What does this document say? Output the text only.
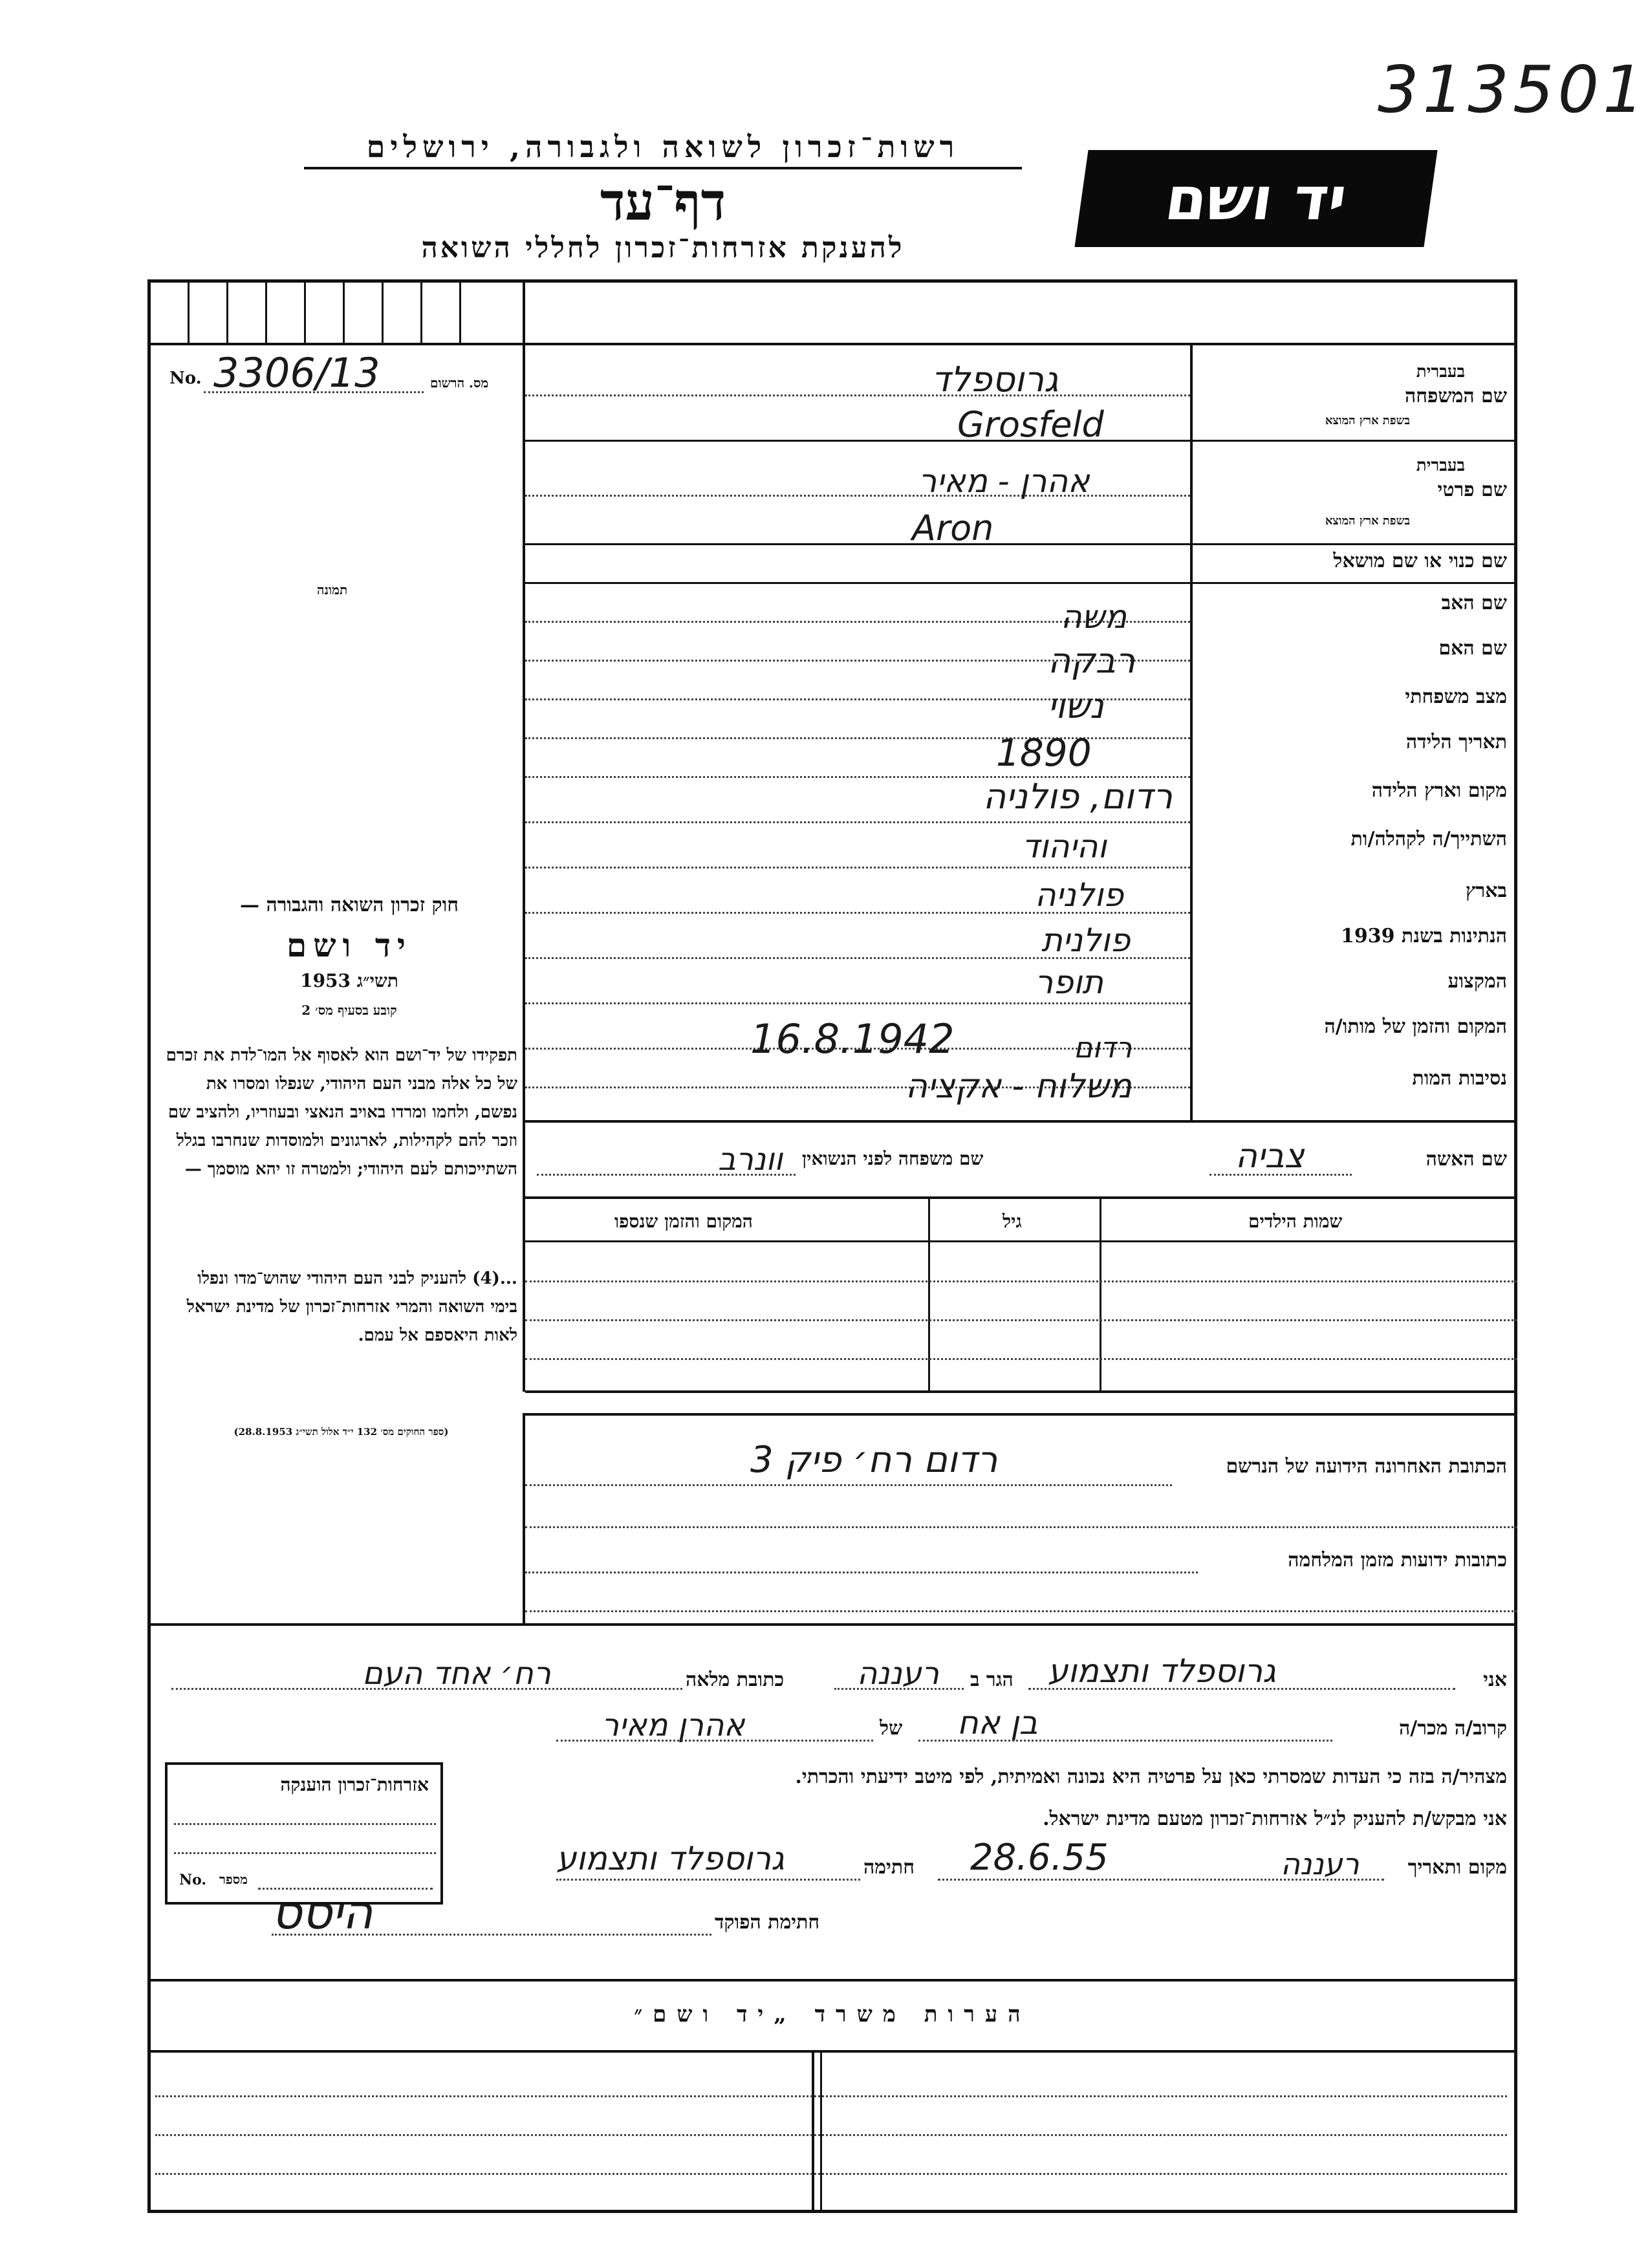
313501
רשות־זכרון לשואה ולגבורה, ירושלים
דף־עד
להענקת אזרחות־זכרון לחללי השואה
יד ושם
No. 3306/13	מס. הרשום
תמונה
שם המשפחה
בעברית
בשפת ארץ המוצא
גרוספלד
Grosfeld
שם פרטי
בעברית
בשפת ארץ המוצא
אהרן - מאיר
Aron
שם כנוי או שם מושאל
שם האב
משה
שם האם
רבקה
מצב משפחתי
נשוי
תאריך הלידה
1890
מקום וארץ הלידה
רדום, פולניה
השתייך/ה לקהלה/ות
והיהוד
בארץ
פולניה
הנתינות בשנת 1939
פולנית
המקצוע
תופר
המקום והזמן של מותו/ה
16.8.1942	רדום
נסיבות המות
משלוח - אקציה
שם האשה
צביה
שם משפחה לפני הנשואין
וונרב
שמות הילדים
גיל
המקום והזמן שנספו
חוק זכרון השואה והגבורה —
יד ושם
תשי״ג 1953
קובע בסעיף מס׳ 2
תפקידו של יד־ושם הוא לאסוף אל המו־לדת את זכרם של כל אלה מבני העם היהודי, שנפלו ומסרו את נפשם, ולחמו ומרדו באויב הנאצי ובעוזריו, ולהציב שם וזכר להם לקהילות, לארגונים ולמוסדות שנחרבו בגלל השתייכותם לעם היהודי; ולמטרה זו יהא מוסמך —
...(4) להעניק לבני העם היהודי שהוש־מדו ונפלו בימי השואה והמרי אזרחות־זכרון של מדינת ישראל לאות היאספם אל עמם.
(ספר החוקים מס׳ 132 י״ד אלול תשי״ג 28.8.1953)
הכתובת האחרונה הידועה של הנרשם
רדום רח׳ פיק 3
כתובות ידועות מזמן המלחמה
אני
גרוספלד ותצמוע
הגר ב
רעננה
כתובת מלאה
רח׳ אחד העם
קרוב/ה מכר/ה
בן אח
של
אהרן מאיר
מצהיר/ה בזה כי העדות שמסרתי כאן על פרטיה היא נכונה ואמיתית, לפי מיטב ידיעתי והכרתי.
אני מבקש/ת להעניק לנ״ל אזרחות־זכרון מטעם מדינת ישראל.
מקום ותאריך
רעננה
28.6.55
חתימה
גרוספלד ותצמוע
חתימת הפוקד
היסס
אזרחות־זכרון הוענקה
No. מספר
הערות משרד „יד ושם״
